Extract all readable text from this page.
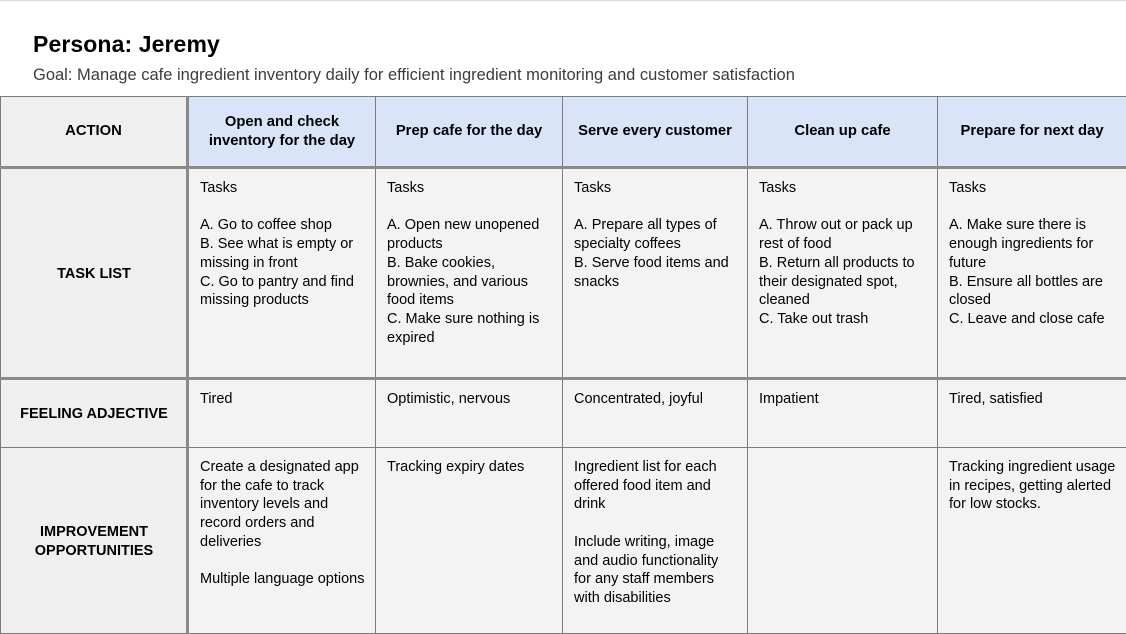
Persona: Jeremy
Goal: Manage cafe ingredient inventory daily for efficient ingredient monitoring and customer satisfaction
ACTION	Open and check inventory for the day	Prep cafe for the day	Serve every customer	Clean up cafe	Prepare for next day
TASK LIST	Tasks

A. Go to coffee shop
B. See what is empty or missing in front
C. Go to pantry and find missing products	Tasks

A. Open new unopened products
B. Bake cookies, brownies, and various food items
C. Make sure nothing is expired	Tasks

A. Prepare all types of specialty coffees
B. Serve food items and snacks	Tasks

A. Throw out or pack up rest of food
B. Return all products to their designated spot, cleaned
C. Take out trash	Tasks

A. Make sure there is enough ingredients for future
B. Ensure all bottles are closed
C. Leave and close cafe
FEELING ADJECTIVE	Tired	Optimistic, nervous	Concentrated, joyful	Impatient	Tired, satisfied
IMPROVEMENT
OPPORTUNITIES	Create a designated app for the cafe to track inventory levels and record orders and deliveries

Multiple language options	Tracking expiry dates	Ingredient list for each offered food item and drink

Include writing, image and audio functionality for any staff members with disabilities		Tracking ingredient usage in recipes, getting alerted for low stocks.
